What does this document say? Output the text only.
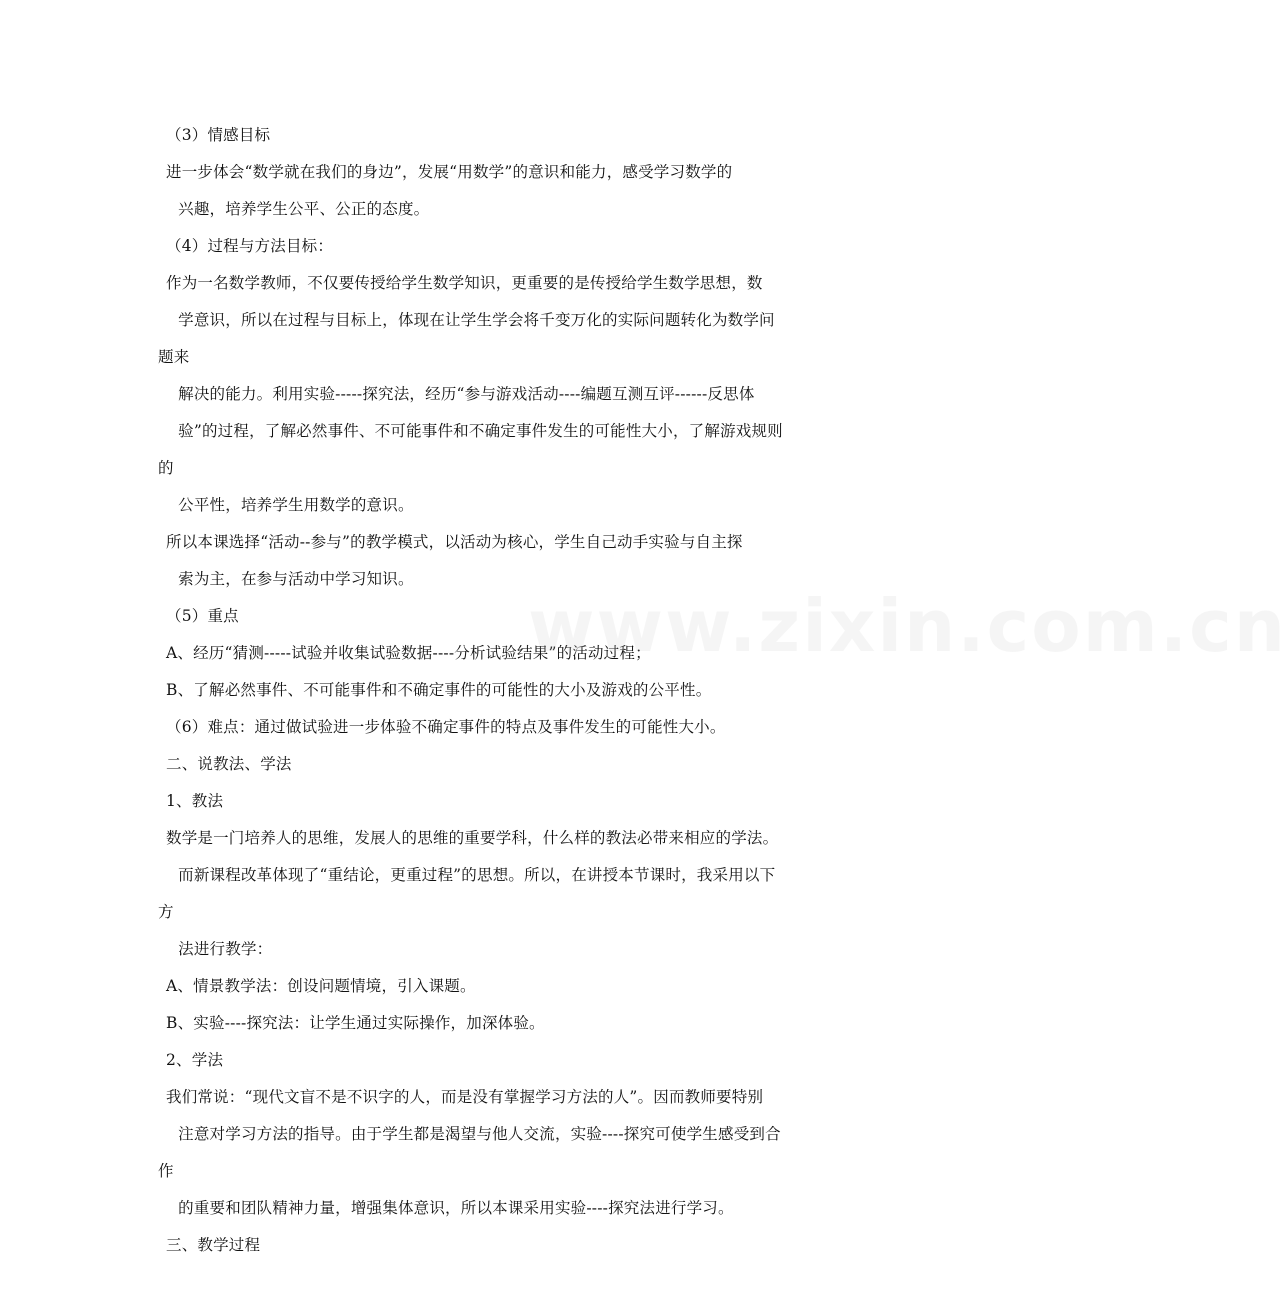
（3）情感目标
进一步体会“数学就在我们的身边”，发展“用数学”的意识和能力，感受学习数学的
兴趣，培养学生公平、公正的态度。
（4）过程与方法目标：
作为一名数学教师，不仅要传授给学生数学知识，更重要的是传授给学生数学思想，数
学意识，所以在过程与目标上，体现在让学生学会将千变万化的实际问题转化为数学问题来
解决的能力。利用实验-----探究法，经历“参与游戏活动----编题互测互评------反思体
验”的过程，了解必然事件、不可能事件和不确定事件发生的可能性大小，了解游戏规则的
公平性，培养学生用数学的意识。
所以本课选择“活动--参与”的教学模式，以活动为核心，学生自己动手实验与自主探
索为主，在参与活动中学习知识。
（5）重点
A、经历“猜测-----试验并收集试验数据----分析试验结果”的活动过程；
B、了解必然事件、不可能事件和不确定事件的可能性的大小及游戏的公平性。
（6）难点：通过做试验进一步体验不确定事件的特点及事件发生的可能性大小。
二、说教法、学法
1、教法
数学是一门培养人的思维，发展人的思维的重要学科，什么样的教法必带来相应的学法。
而新课程改革体现了“重结论，更重过程”的思想。所以，在讲授本节课时，我采用以下方
法进行教学：
A、情景教学法：创设问题情境，引入课题。
B、实验----探究法：让学生通过实际操作，加深体验。
2、学法
我们常说：“现代文盲不是不识字的人，而是没有掌握学习方法的人”。因而教师要特别
注意对学习方法的指导。由于学生都是渴望与他人交流，实验----探究可使学生感受到合作
的重要和团队精神力量，增强集体意识，所以本课采用实验----探究法进行学习。
三、教学过程
www.zixin.com.cn
